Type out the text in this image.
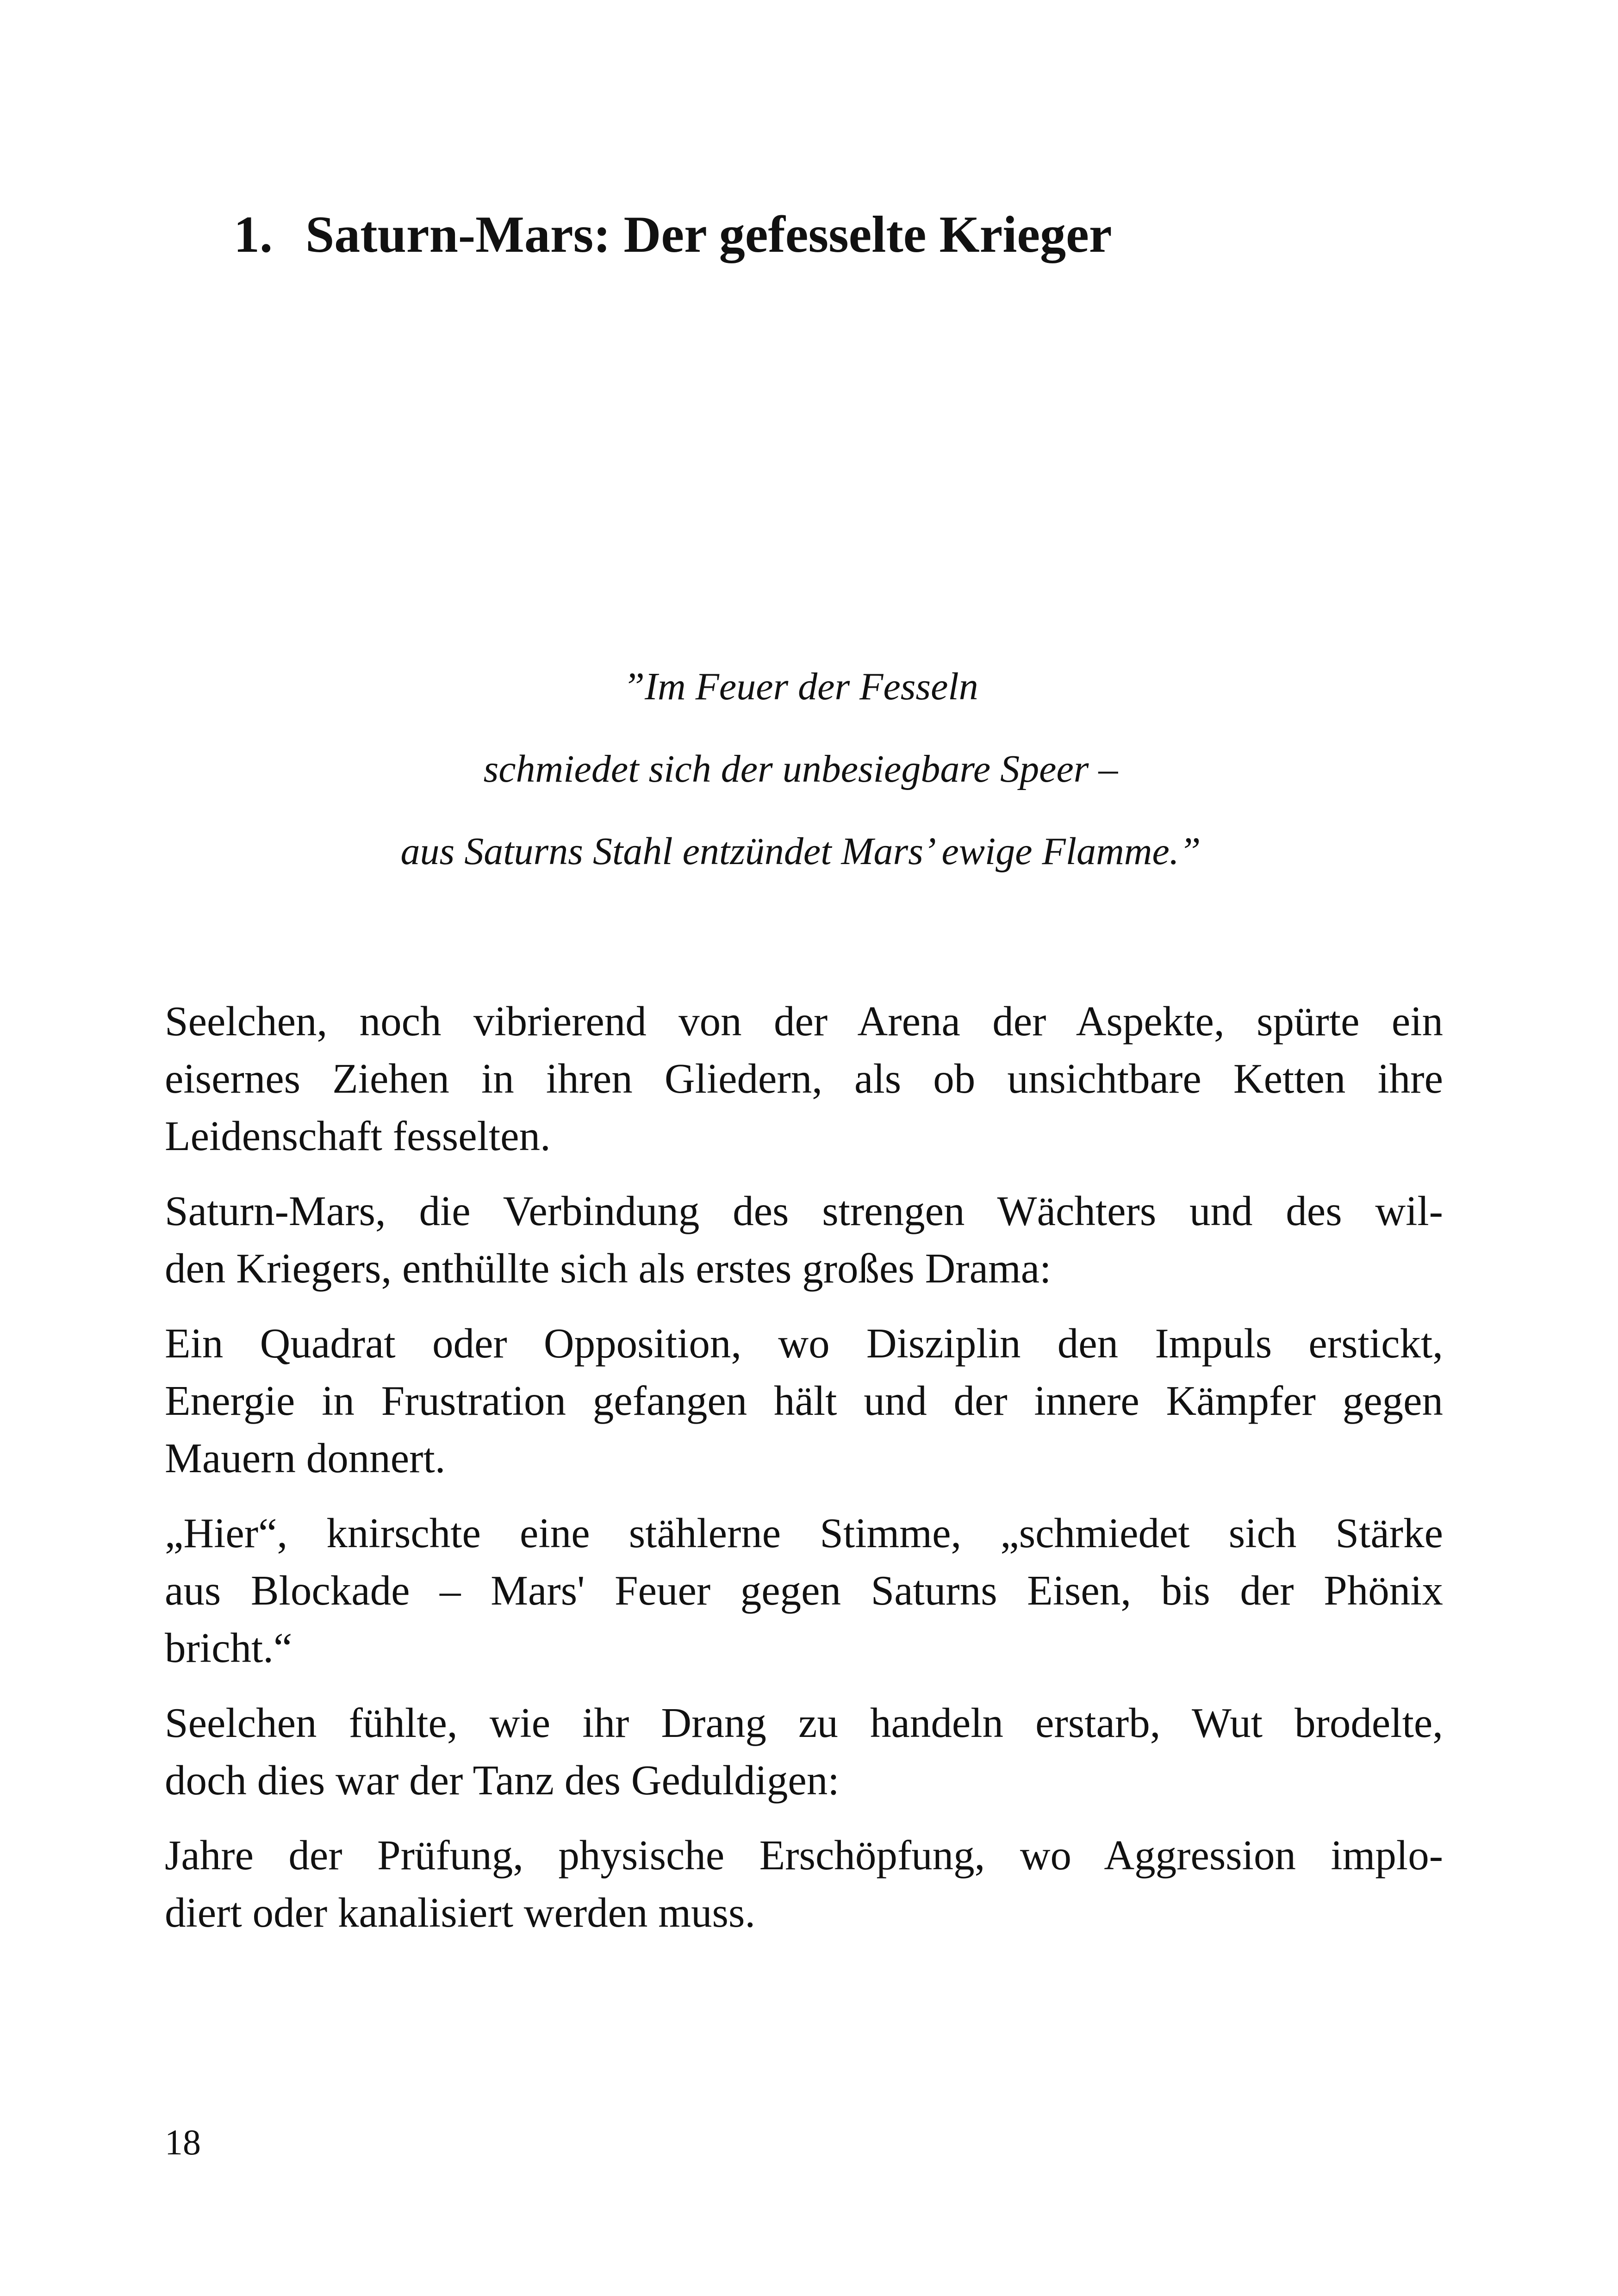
1. Saturn-Mars: Der gefesselte Krieger
”Im Feuer der Fesseln
schmiedet sich der unbesiegbare Speer –
aus Saturns Stahl entzündet Mars’ ewige Flamme.”

Seelchen, noch vibrierend von der Arena der Aspekte, spürte ein
eisernes Ziehen in ihren Gliedern, als ob unsichtbare Ketten ihre
Leidenschaft fesselten.

Saturn-Mars, die Verbindung des strengen Wächters und des wil-
den Kriegers, enthüllte sich als erstes großes Drama:

Ein Quadrat oder Opposition, wo Disziplin den Impuls erstickt,
Energie in Frustration gefangen hält und der innere Kämpfer gegen
Mauern donnert.

„Hier“, knirschte eine stählerne Stimme, „schmiedet sich Stärke
aus Blockade – Mars' Feuer gegen Saturns Eisen, bis der Phönix
bricht.“

Seelchen fühlte, wie ihr Drang zu handeln erstarb, Wut brodelte,
doch dies war der Tanz des Geduldigen:

Jahre der Prüfung, physische Erschöpfung, wo Aggression implo-
diert oder kanalisiert werden muss.

18
